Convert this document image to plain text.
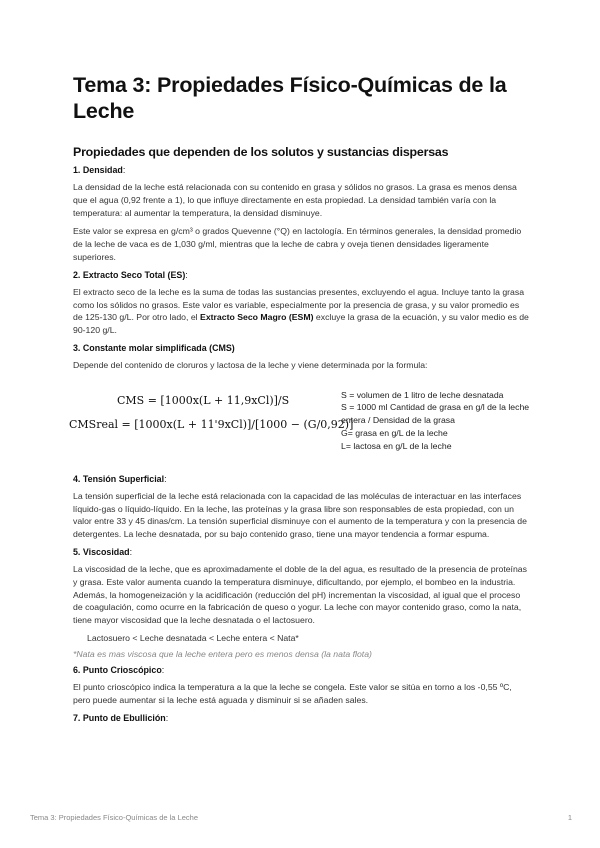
Tema 3: Propiedades Físico-Químicas de la Leche
Propiedades que dependen de los solutos y sustancias dispersas
1. Densidad:

La densidad de la leche está relacionada con su contenido en grasa y sólidos no grasos. La grasa es menos densa que el agua (0,92 frente a 1), lo que influye directamente en esta propiedad. La densidad también varía con la temperatura: al aumentar la temperatura, la densidad disminuye.

Este valor se expresa en g/cm³ o grados Quevenne (°Q) en lactología. En términos generales, la densidad promedio de la leche de vaca es de 1,030 g/ml, mientras que la leche de cabra y oveja tienen densidades ligeramente superiores.

2. Extracto Seco Total (ES):

El extracto seco de la leche es la suma de todas las sustancias presentes, excluyendo el agua. Incluye tanto la grasa como los sólidos no grasos. Este valor es variable, especialmente por la presencia de grasa, y su valor promedio es de 125-130 g/L. Por otro lado, el Extracto Seco Magro (ESM) excluye la grasa de la ecuación, y su valor medio es de 90-120 g/L.

3. Constante molar simplificada (CMS)

Depende del contenido de cloruros y lactosa de la leche y viene determinada por la formula:

CMS = [1000x(L + 11,9xCl)]/S
CMSreal = [1000x(L + 11'9xCl)]/[1000 − (G/0,92)]
S = volumen de 1 litro de leche desnatada
S = 1000 ml Cantidad de grasa en g/l de la leche entera / Densidad de la grasa
G= grasa en g/L de la leche
L= lactosa en g/L de la leche
4. Tensión Superficial:

La tensión superficial de la leche está relacionada con la capacidad de las moléculas de interactuar en las interfaces líquido-gas o líquido-líquido. En la leche, las proteínas y la grasa libre son responsables de esta propiedad, con un valor entre 33 y 45 dinas/cm. La tensión superficial disminuye con el aumento de la temperatura y con la presencia de detergentes. La leche desnatada, por su bajo contenido graso, tiene una mayor tendencia a formar espuma.

5. Viscosidad:

La viscosidad de la leche, que es aproximadamente el doble de la del agua, es resultado de la presencia de proteínas y grasa. Este valor aumenta cuando la temperatura disminuye, dificultando, por ejemplo, el bombeo en la industria. Además, la homogeneización y la acidificación (reducción del pH) incrementan la viscosidad, al igual que el proceso de coagulación, como ocurre en la fabricación de queso o yogur. La leche con mayor contenido graso, como la nata, tiene mayor viscosidad que la leche desnatada o el lactosuero.

Lactosuero < Leche desnatada < Leche entera < Nata*
*Nata es mas viscosa que la leche entera pero es menos densa (la nata flota)
6. Punto Crioscópico:

El punto crioscópico indica la temperatura a la que la leche se congela. Este valor se sitúa en torno a los -0,55 ºC, pero puede aumentar si la leche está aguada y disminuir si se añaden sales.

7. Punto de Ebullición:
Tema 3: Propiedades Físico-Químicas de la Leche	1
